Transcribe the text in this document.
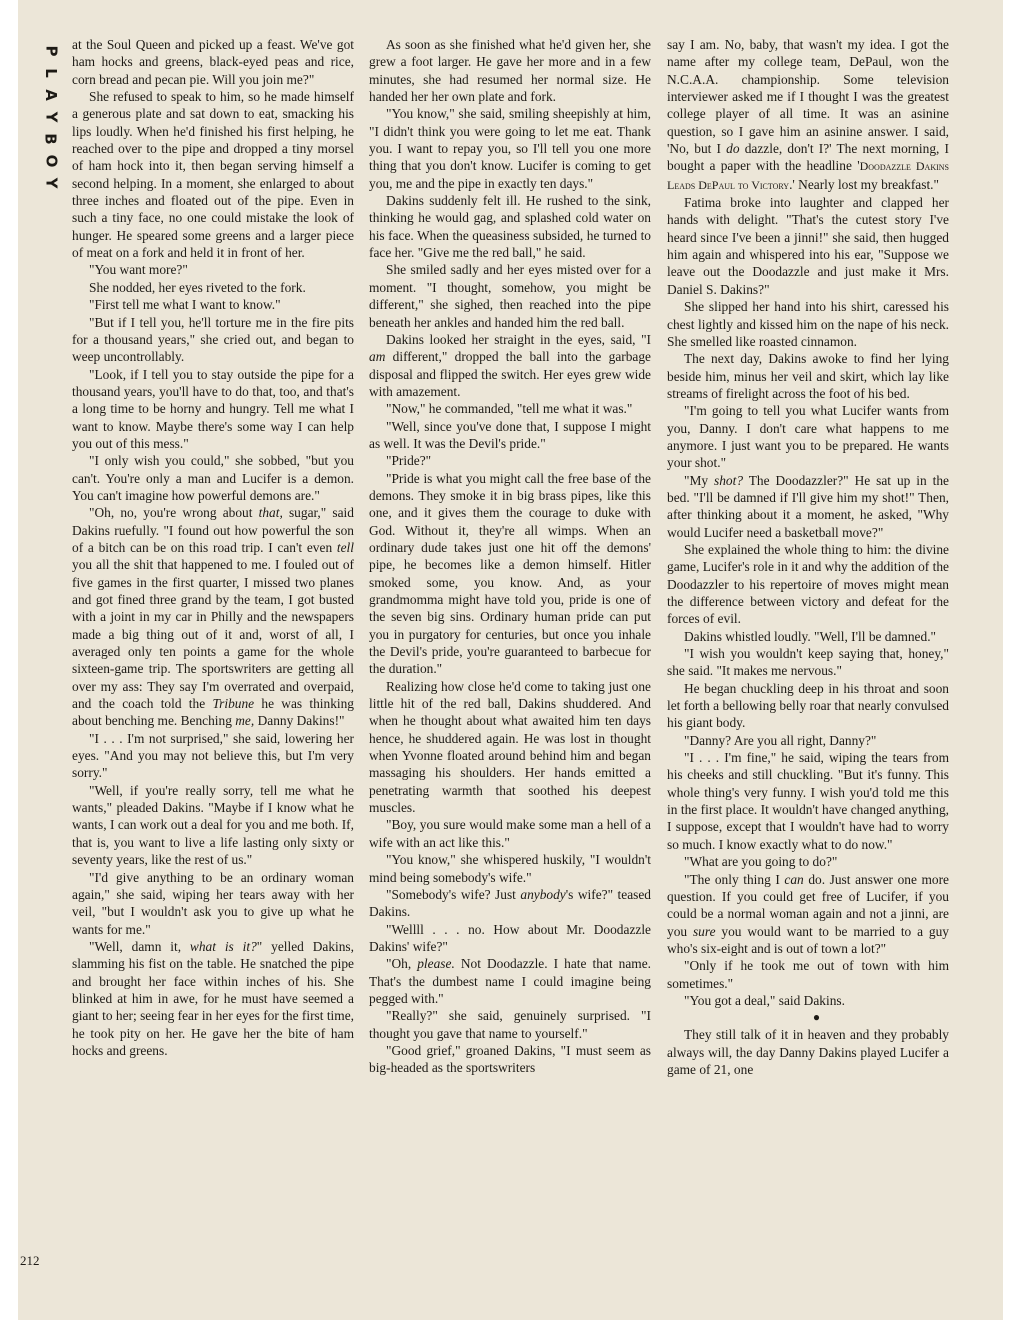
P
L
A
Y
B
O
Y
212

at the Soul Queen and picked up a feast. We've got ham hocks and greens, black-eyed peas and rice, corn bread and pecan pie. Will you join me?"

She refused to speak to him, so he made himself a generous plate and sat down to eat, smacking his lips loudly. When he'd finished his first helping, he reached over to the pipe and dropped a tiny morsel of ham hock into it, then began serving himself a second helping. In a moment, she enlarged to about three inches and floated out of the pipe. Even in such a tiny face, no one could mistake the look of hunger. He speared some greens and a larger piece of meat on a fork and held it in front of her.

"You want more?"

She nodded, her eyes riveted to the fork.

"First tell me what I want to know."

"But if I tell you, he'll torture me in the fire pits for a thousand years," she cried out, and began to weep uncontrollably.

"Look, if I tell you to stay outside the pipe for a thousand years, you'll have to do that, too, and that's a long time to be horny and hungry. Tell me what I want to know. Maybe there's some way I can help you out of this mess."

"I only wish you could," she sobbed, "but you can't. You're only a man and Lucifer is a demon. You can't imagine how powerful demons are."

"Oh, no, you're wrong about that, sugar," said Dakins ruefully. "I found out how powerful the son of a bitch can be on this road trip. I can't even tell you all the shit that happened to me. I fouled out of five games in the first quarter, I missed two planes and got fined three grand by the team, I got busted with a joint in my car in Philly and the newspapers made a big thing out of it and, worst of all, I averaged only ten points a game for the whole sixteen-game trip. The sportswriters are getting all over my ass: They say I'm overrated and overpaid, and the coach told the Tribune he was thinking about benching me. Benching me, Danny Dakins!"

"I . . . I'm not surprised," she said, lowering her eyes. "And you may not believe this, but I'm very sorry."

"Well, if you're really sorry, tell me what he wants," pleaded Dakins. "Maybe if I know what he wants, I can work out a deal for you and me both. If, that is, you want to live a life lasting only sixty or seventy years, like the rest of us."

"I'd give anything to be an ordinary woman again," she said, wiping her tears away with her veil, "but I wouldn't ask you to give up what he wants for me."

"Well, damn it, what is it?" yelled Dakins, slamming his fist on the table. He snatched the pipe and brought her face within inches of his. She blinked at him in awe, for he must have seemed a giant to her; seeing fear in her eyes for the first time, he took pity on her. He gave her the bite of ham hocks and greens.

As soon as she finished what he'd given her, she grew a foot larger. He gave her more and in a few minutes, she had resumed her normal size. He handed her her own plate and fork.

"You know," she said, smiling sheepishly at him, "I didn't think you were going to let me eat. Thank you. I want to repay you, so I'll tell you one more thing that you don't know. Lucifer is coming to get you, me and the pipe in exactly ten days."

Dakins suddenly felt ill. He rushed to the sink, thinking he would gag, and splashed cold water on his face. When the queasiness subsided, he turned to face her. "Give me the red ball," he said.

She smiled sadly and her eyes misted over for a moment. "I thought, somehow, you might be different," she sighed, then reached into the pipe beneath her ankles and handed him the red ball.

Dakins looked her straight in the eyes, said, "I am different," dropped the ball into the garbage disposal and flipped the switch. Her eyes grew wide with amazement.

"Now," he commanded, "tell me what it was."

"Well, since you've done that, I suppose I might as well. It was the Devil's pride."

"Pride?"

"Pride is what you might call the free base of the demons. They smoke it in big brass pipes, like this one, and it gives them the courage to duke with God. Without it, they're all wimps. When an ordinary dude takes just one hit off the demons' pipe, he becomes like a demon himself. Hitler smoked some, you know. And, as your grandmomma might have told you, pride is one of the seven big sins. Ordinary human pride can put you in purgatory for centuries, but once you inhale the Devil's pride, you're guaranteed to barbecue for the duration."

Realizing how close he'd come to taking just one little hit of the red ball, Dakins shuddered. And when he thought about what awaited him ten days hence, he shuddered again. He was lost in thought when Yvonne floated around behind him and began massaging his shoulders. Her hands emitted a penetrating warmth that soothed his deepest muscles.

"Boy, you sure would make some man a hell of a wife with an act like this."

"You know," she whispered huskily, "I wouldn't mind being somebody's wife."

"Somebody's wife? Just anybody's wife?" teased Dakins.

"Wellll . . . no. How about Mr. Doodazzle Dakins' wife?"

"Oh, please. Not Doodazzle. I hate that name. That's the dumbest name I could imagine being pegged with."

"Really?" she said, genuinely surprised. "I thought you gave that name to yourself."

"Good grief," groaned Dakins, "I must seem as big-headed as the sportswriters

say I am. No, baby, that wasn't my idea. I got the name after my college team, DePaul, won the N.C.A.A. championship. Some television interviewer asked me if I thought I was the greatest college player of all time. It was an asinine question, so I gave him an asinine answer. I said, 'No, but I do dazzle, don't I?' The next morning, I bought a paper with the headline 'Doodazzle Dakins Leads DePaul to Victory.' Nearly lost my breakfast."

Fatima broke into laughter and clapped her hands with delight. "That's the cutest story I've heard since I've been a jinni!" she said, then hugged him again and whispered into his ear, "Suppose we leave out the Doodazzle and just make it Mrs. Daniel S. Dakins?"

She slipped her hand into his shirt, caressed his chest lightly and kissed him on the nape of his neck. She smelled like roasted cinnamon.

The next day, Dakins awoke to find her lying beside him, minus her veil and skirt, which lay like streams of firelight across the foot of his bed.

"I'm going to tell you what Lucifer wants from you, Danny. I don't care what happens to me anymore. I just want you to be prepared. He wants your shot."

"My shot? The Doodazzler?" He sat up in the bed. "I'll be damned if I'll give him my shot!" Then, after thinking about it a moment, he asked, "Why would Lucifer need a basketball move?"

She explained the whole thing to him: the divine game, Lucifer's role in it and why the addition of the Doodazzler to his repertoire of moves might mean the difference between victory and defeat for the forces of evil.

Dakins whistled loudly. "Well, I'll be damned."

"I wish you wouldn't keep saying that, honey," she said. "It makes me nervous."

He began chuckling deep in his throat and soon let forth a bellowing belly roar that nearly convulsed his giant body.

"Danny? Are you all right, Danny?"

"I . . . I'm fine," he said, wiping the tears from his cheeks and still chuckling. "But it's funny. This whole thing's very funny. I wish you'd told me this in the first place. It wouldn't have changed anything, I suppose, except that I wouldn't have had to worry so much. I know exactly what to do now."

"What are you going to do?"

"The only thing I can do. Just answer one more question. If you could get free of Lucifer, if you could be a normal woman again and not a jinni, are you sure you would want to be married to a guy who's six-eight and is out of town a lot?"

"Only if he took me out of town with him sometimes."

"You got a deal," said Dakins.

●

They still talk of it in heaven and they probably always will, the day Danny Dakins played Lucifer a game of 21, one
